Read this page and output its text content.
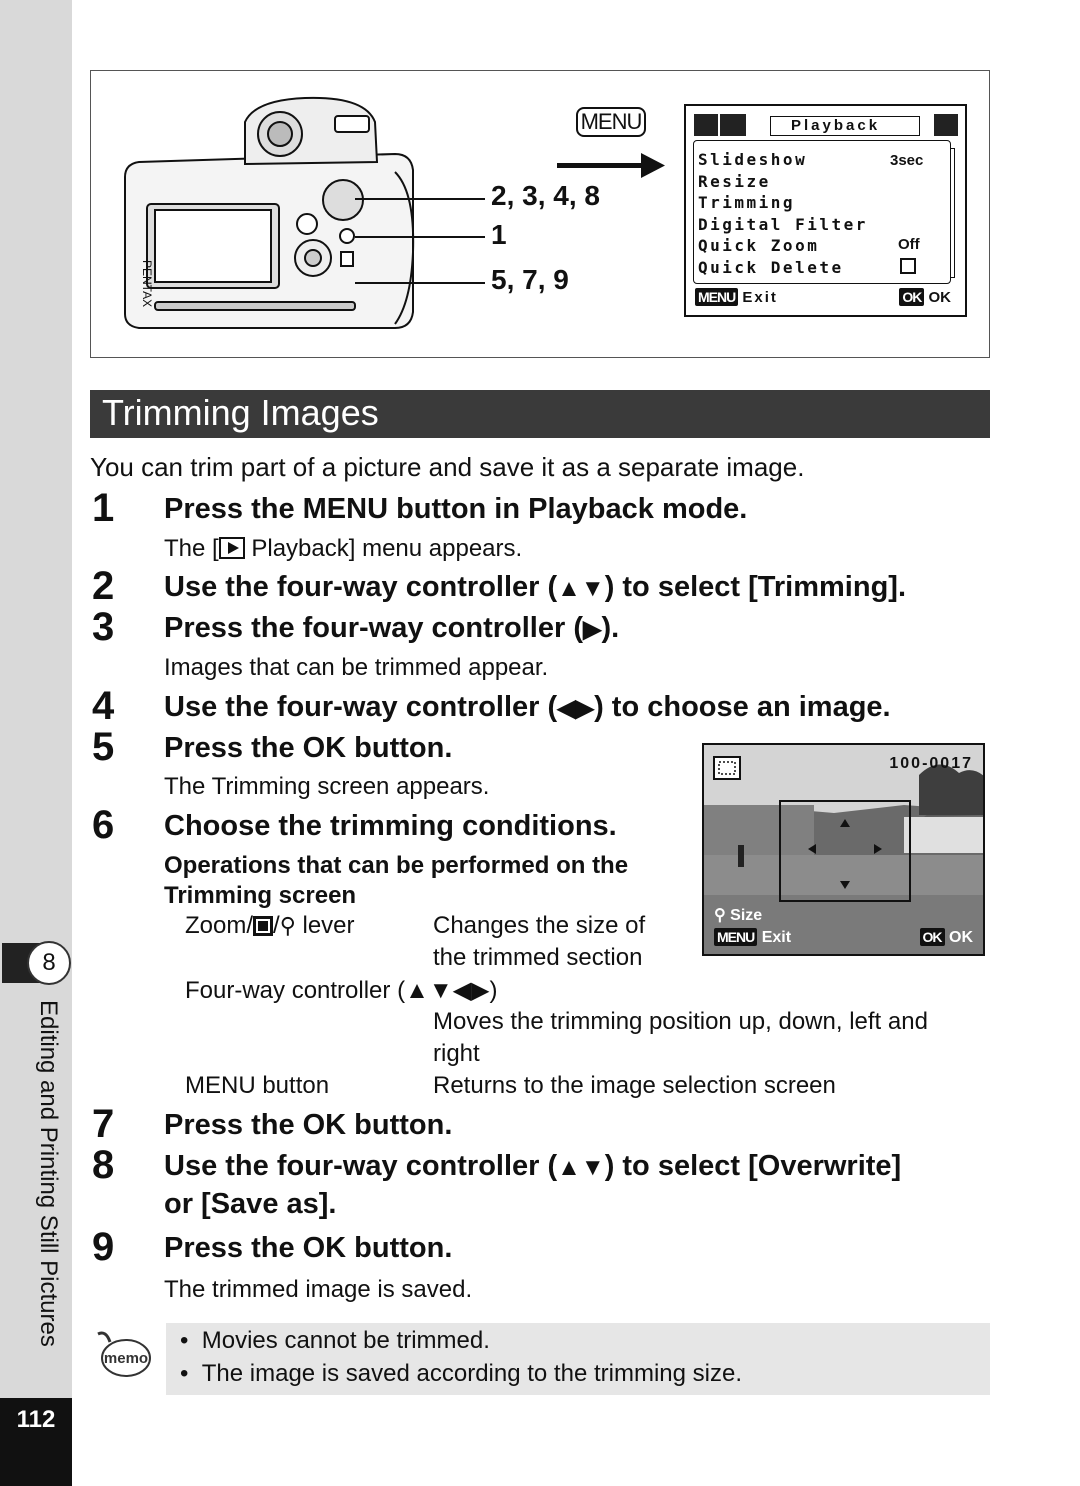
8
Editing and Printing Still Pictures
112
PENTAX
MENU
2, 3, 4, 8
1
5, 7, 9
Playback
Slideshow
Resize
Trimming
Digital Filter
Quick Zoom
Quick Delete
3sec
Off
MENU Exit	OK OK
Trimming Images
You can trim part of a picture and save it as a separate image.
1 Press the MENU button in Playback mode.
The [
Playback] menu appears.
2 Use the four-way controller (▲▼) to select [Trimming].
3 Press the four-way controller (▶).
Images that can be trimmed appear.
4 Use the four-way controller (◀▶) to choose an image.
5 Press the OK button.
The Trimming screen appears.
100-0017
⚲ Size
MENU Exit	OK OK
6 Choose the trimming conditions.
Operations that can be performed on the
Trimming screen
Zoom/ /⚲ lever	Changes the size of
the trimmed section
Four-way controller (▲▼◀▶)
Moves the trimming position up, down, left and
right
MENU button	Returns to the image selection screen
7 Press the OK button.
8 Use the four-way controller (▲▼) to select [Overwrite]
or [Save as].
9 Press the OK button.
The trimmed image is saved.
memo
•  Movies cannot be trimmed.
•  The image is saved according to the trimming size.
